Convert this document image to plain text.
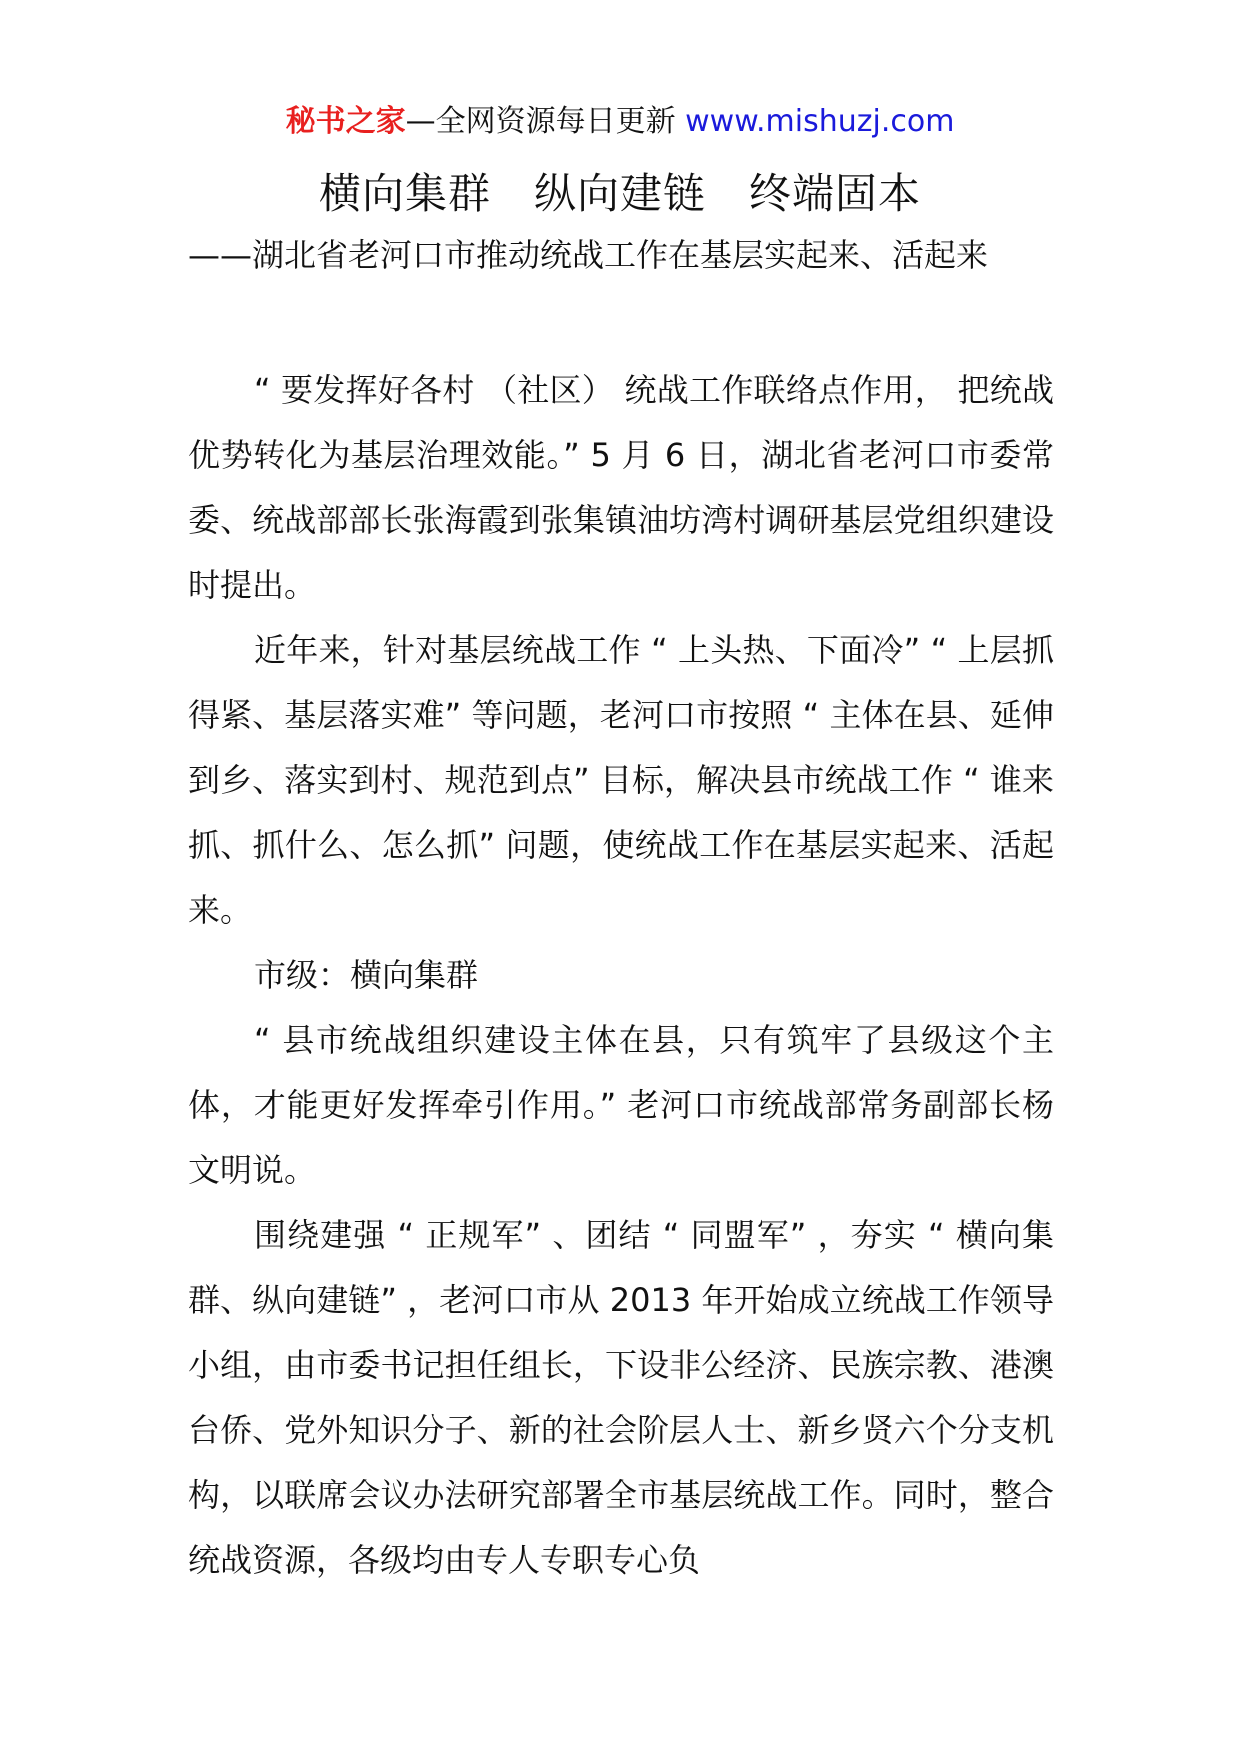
秘书之家—全网资源每日更新 www.mishuzj.com
横向集群　纵向建链　终端固本
——湖北省老河口市推动统战工作在基层实起来、活起来

“ 要发挥好各村 （社区） 统战工作联络点作用， 把统战优势转化为基层治理效能。” 5 月 6 日，湖北省老河口市委常委、统战部部长张海霞到张集镇油坊湾村调研基层党组织建设时提出。

近年来，针对基层统战工作 “ 上头热、下面冷” “ 上层抓得紧、基层落实难” 等问题，老河口市按照 “ 主体在县、延伸到乡、落实到村、规范到点” 目标，解决县市统战工作 “ 谁来抓、抓什么、怎么抓” 问题，使统战工作在基层实起来、活起来。

市级：横向集群

“ 县市统战组织建设主体在县，只有筑牢了县级这个主体，才能更好发挥牵引作用。” 老河口市统战部常务副部长杨文明说。

围绕建强 “ 正规军” 、团结 “ 同盟军” ，夯实 “ 横向集群、纵向建链” ，老河口市从 2013 年开始成立统战工作领导小组，由市委书记担任组长，下设非公经济、民族宗教、港澳台侨、党外知识分子、新的社会阶层人士、新乡贤六个分支机构，以联席会议办法研究部署全市基层统战工作。同时，整合统战资源，各级均由专人专职专心负
